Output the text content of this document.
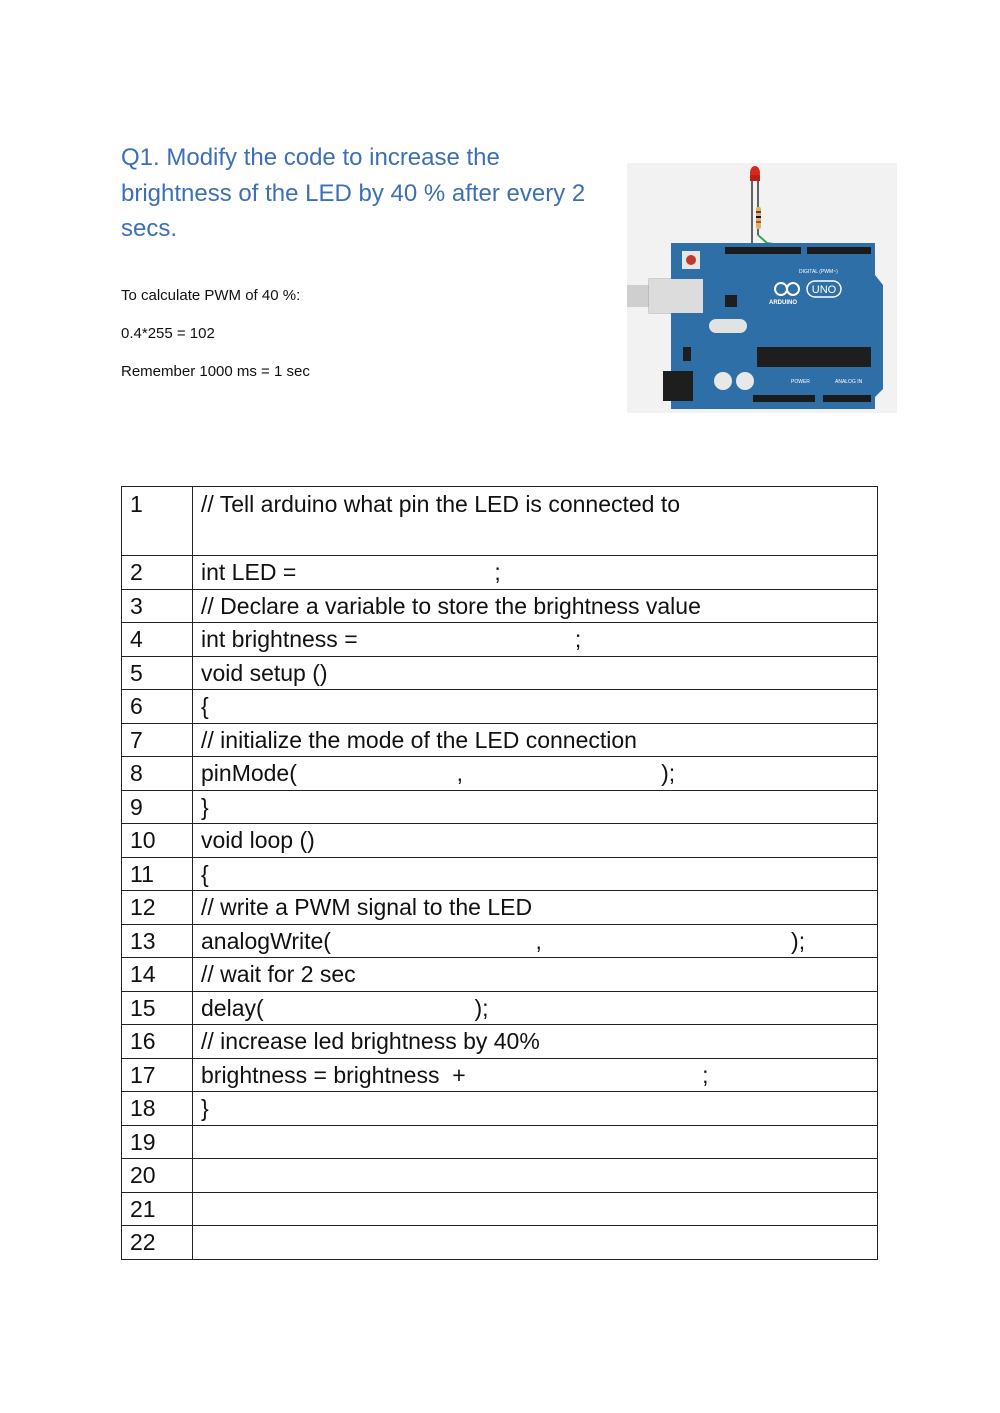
Q1. Modify the code to increase the brightness of the LED by 40 % after every 2 secs.
To calculate PWM of 40 %:
0.4*255 = 102
Remember 1000 ms = 1 sec
UNO
ARDUINO
DIGITAL (PWM~)
POWER	ANALOG IN
1	// Tell arduino what pin the LED is connected to
2	int LED =                               ;
3	// Declare a variable to store the brightness value
4	int brightness =                                  ;
5	void setup ()
6	{
7	// initialize the mode of the LED connection
8	pinMode(                         ,                               );
9	}
10	void loop ()
11	{
12	// write a PWM signal to the LED
13	analogWrite(                                ,                                       );
14	// wait for 2 sec
15	delay(                                 );
16	// increase led brightness by 40%
17	brightness = brightness  +                                     ;
18	}
19	
20	
21	
22	
